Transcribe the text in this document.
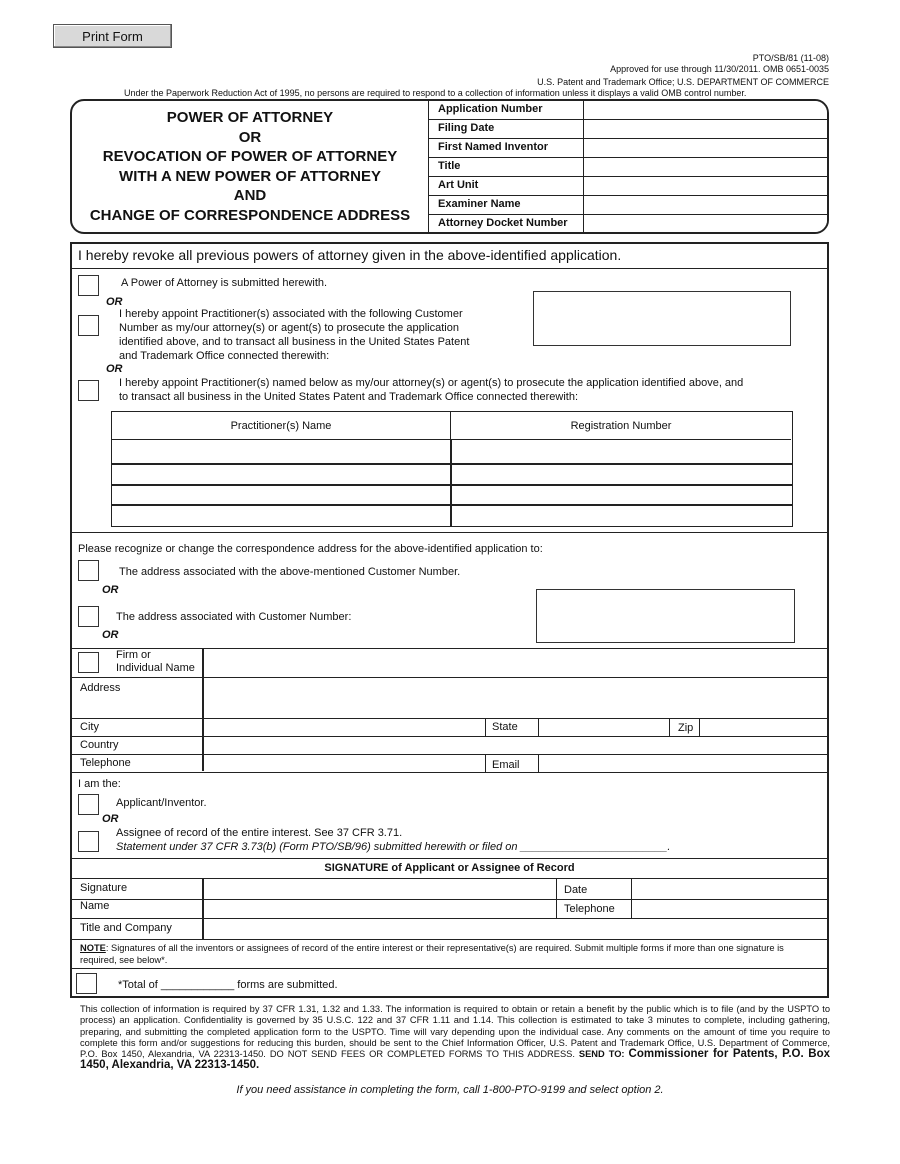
Print Form
PTO/SB/81 (11-08)
Approved for use through 11/30/2011. OMB 0651-0035
U.S. Patent and Trademark Office; U.S. DEPARTMENT OF COMMERCE
Under the Paperwork Reduction Act of 1995, no persons are required to respond to a collection of information unless it displays a valid OMB control number.
POWER OF ATTORNEY
OR
REVOCATION OF POWER OF ATTORNEY
WITH A NEW POWER OF ATTORNEY
AND
CHANGE OF CORRESPONDENCE ADDRESS
Application Number
Filing Date
First Named Inventor
Title
Art Unit
Examiner Name
Attorney Docket Number
I hereby revoke all previous powers of attorney given in the above-identified application.
A Power of Attorney is submitted herewith.
OR
I hereby appoint Practitioner(s) associated with the following Customer
Number as my/our attorney(s) or agent(s) to prosecute the application
identified above, and to transact all business in the United States Patent
and Trademark Office connected therewith:
OR
I hereby appoint Practitioner(s) named below as my/our attorney(s) or agent(s) to prosecute the application identified above, and
to transact all business in the United States Patent and Trademark Office connected therewith:
Practitioner(s) Name	Registration Number
Please recognize or change the correspondence address for the above-identified application to:
The address associated with the above-mentioned Customer Number.
OR
The address associated with Customer Number:
OR
Firm or
Individual Name
Address
City	State	Zip
Country
Telephone	Email
I am the:
Applicant/Inventor.
OR
Assignee of record of the entire interest. See 37 CFR 3.71.
Statement under 37 CFR 3.73(b) (Form PTO/SB/96) submitted herewith or filed on ________________________.
SIGNATURE of Applicant or Assignee of Record
Signature	Date
Name	Telephone
Title and Company
NOTE: Signatures of all the inventors or assignees of record of the entire interest or their representative(s) are required. Submit multiple forms if more than one signature is required, see below*.
*Total of ____________ forms are submitted.
This collection of information is required by 37 CFR 1.31, 1.32 and 1.33. The information is required to obtain or retain a benefit by the public which is to file (and by the USPTO to process) an application. Confidentiality is governed by 35 U.S.C. 122 and 37 CFR 1.11 and 1.14. This collection is estimated to take 3 minutes to complete, including gathering, preparing, and submitting the completed application form to the USPTO. Time will vary depending upon the individual case. Any comments on the amount of time you require to complete this form and/or suggestions for reducing this burden, should be sent to the Chief Information Officer, U.S. Patent and Trademark Office, U.S. Department of Commerce, P.O. Box 1450, Alexandria, VA 22313-1450. DO NOT SEND FEES OR COMPLETED FORMS TO THIS ADDRESS. SEND TO: Commissioner for Patents, P.O. Box 1450, Alexandria, VA 22313-1450.
If you need assistance in completing the form, call 1-800-PTO-9199 and select option 2.
